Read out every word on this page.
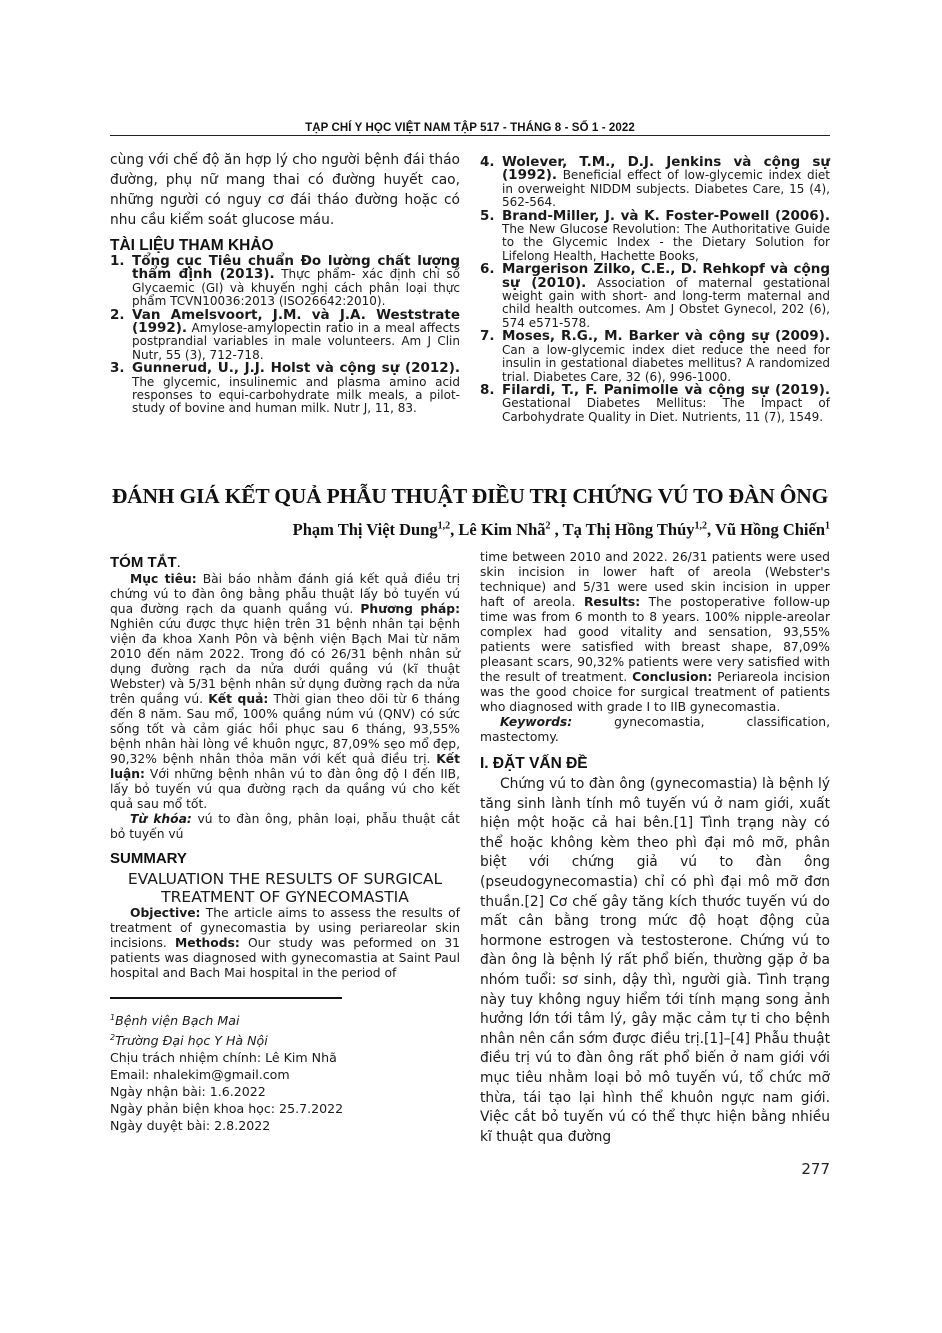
TẠP CHÍ Y HỌC VIỆT NAM TẬP 517 - THÁNG 8 - SỐ 1 - 2022

cùng với chế độ ăn hợp lý cho người bệnh đái tháo đường, phụ nữ mang thai có đường huyết cao, những người có nguy cơ đái tháo đường hoặc có nhu cầu kiểm soát glucose máu.

TÀI LIỆU THAM KHẢO
1. Tổng cục Tiêu chuẩn Đo lường chất lượng thẩm định (2013). Thực phẩm- xác định chỉ số Glycaemic (GI) và khuyến nghị cách phân loại thực phẩm TCVN10036:2013 (ISO26642:2010).
2. Van Amelsvoort, J.M. và J.A. Weststrate (1992). Amylose-amylopectin ratio in a meal affects postprandial variables in male volunteers. Am J Clin Nutr, 55 (3), 712-718.
3. Gunnerud, U., J.J. Holst và cộng sự (2012). The glycemic, insulinemic and plasma amino acid responses to equi-carbohydrate milk meals, a pilot-study of bovine and human milk. Nutr J, 11, 83.
4. Wolever, T.M., D.J. Jenkins và cộng sự (1992). Beneficial effect of low-glycemic index diet in overweight NIDDM subjects. Diabetes Care, 15 (4), 562-564.
5. Brand-Miller, J. và K. Foster-Powell (2006). The New Glucose Revolution: The Authoritative Guide to the Glycemic Index - the Dietary Solution for Lifelong Health, Hachette Books,
6. Margerison Zilko, C.E., D. Rehkopf và cộng sự (2010). Association of maternal gestational weight gain with short- and long-term maternal and child health outcomes. Am J Obstet Gynecol, 202 (6), 574 e571-578.
7. Moses, R.G., M. Barker và cộng sự (2009). Can a low-glycemic index diet reduce the need for insulin in gestational diabetes mellitus? A randomized trial. Diabetes Care, 32 (6), 996-1000.
8. Filardi, T., F. Panimolle và cộng sự (2019). Gestational Diabetes Mellitus: The Impact of Carbohydrate Quality in Diet. Nutrients, 11 (7), 1549.
ĐÁNH GIÁ KẾT QUẢ PHẪU THUẬT ĐIỀU TRỊ CHỨNG VÚ TO ĐÀN ÔNG
Phạm Thị Việt Dung$^{1,2}$, Lê Kim Nhã$^2$ , Tạ Thị Hồng Thúy$^{1,2}$, Vũ Hồng Chiến$^1$
TÓM TẮT.

Mục tiêu: Bài báo nhằm đánh giá kết quả điều trị chứng vú to đàn ông bằng phẫu thuật lấy bỏ tuyến vú qua đường rạch da quanh quầng vú. Phương pháp: Nghiên cứu được thực hiện trên 31 bệnh nhân tại bệnh viện đa khoa Xanh Pôn và bệnh viện Bạch Mai từ năm 2010 đến năm 2022. Trong đó có 26/31 bệnh nhân sử dụng đường rạch da nửa dưới quầng vú (kĩ thuật Webster) và 5/31 bệnh nhân sử dụng đường rạch da nửa trên quầng vú. Kết quả: Thời gian theo dõi từ 6 tháng đến 8 năm. Sau mổ, 100% quầng núm vú (QNV) có sức sống tốt và cảm giác hồi phục sau 6 tháng, 93,55% bệnh nhân hài lòng về khuôn ngực, 87,09% sẹo mổ đẹp, 90,32% bệnh nhân thỏa mãn với kết quả điều trị. Kết luận: Với những bệnh nhân vú to đàn ông độ I đến IIB, lấy bỏ tuyến vú qua đường rạch da quầng vú cho kết quả sau mổ tốt.

Từ khóa: vú to đàn ông, phân loại, phẫu thuật cắt bỏ tuyến vú

SUMMARY
EVALUATION THE RESULTS OF SURGICAL TREATMENT OF GYNECOMASTIA

Objective: The article aims to assess the results of treatment of gynecomastia by using periareolar skin incisions. Methods: Our study was peformed on 31 patients was diagnosed with gynecomastia at Saint Paul hospital and Bach Mai hospital in the period of

$^1$Bệnh viện Bạch Mai
$^2$Trường Đại học Y Hà Nội
Chịu trách nhiệm chính: Lê Kim Nhã
Email: nhalekim@gmail.com
Ngày nhận bài: 1.6.2022
Ngày phản biện khoa học: 25.7.2022
Ngày duyệt bài: 2.8.2022

time between 2010 and 2022. 26/31 patients were used skin incision in lower haft of areola (Webster's technique) and 5/31 were used skin incision in upper haft of areola. Results: The postoperative follow-up time was from 6 month to 8 years. 100% nipple-areolar complex had good vitality and sensation, 93,55% patients were satisfied with breast shape, 87,09% pleasant scars, 90,32% patients were very satisfied with the result of treatment. Conclusion: Periareola incision was the good choice for surgical treatment of patients who diagnosed with grade I to IIB gynecomastia.

Keywords: gynecomastia, classification, mastectomy.

I. ĐẶT VẤN ĐỀ

Chứng vú to đàn ông (gynecomastia) là bệnh lý tăng sinh lành tính mô tuyến vú ở nam giới, xuất hiện một hoặc cả hai bên.[1] Tình trạng này có thể hoặc không kèm theo phì đại mô mỡ, phân biệt với chứng giả vú to đàn ông (pseudogynecomastia) chỉ có phì đại mô mỡ đơn thuần.[2] Cơ chế gây tăng kích thước tuyến vú do mất cân bằng trong mức độ hoạt động của hormone estrogen và testosterone. Chứng vú to đàn ông là bệnh lý rất phổ biến, thường gặp ở ba nhóm tuổi: sơ sinh, dậy thì, người già. Tình trạng này tuy không nguy hiểm tới tính mạng song ảnh hưởng lớn tới tâm lý, gây mặc cảm tự ti cho bệnh nhân nên cần sớm được điều trị.[1]–[4] Phẫu thuật điều trị vú to đàn ông rất phổ biến ở nam giới với mục tiêu nhằm loại bỏ mô tuyến vú, tổ chức mỡ thừa, tái tạo lại hình thể khuôn ngực nam giới. Việc cắt bỏ tuyến vú có thể thực hiện bằng nhiều kĩ thuật qua đường

277
